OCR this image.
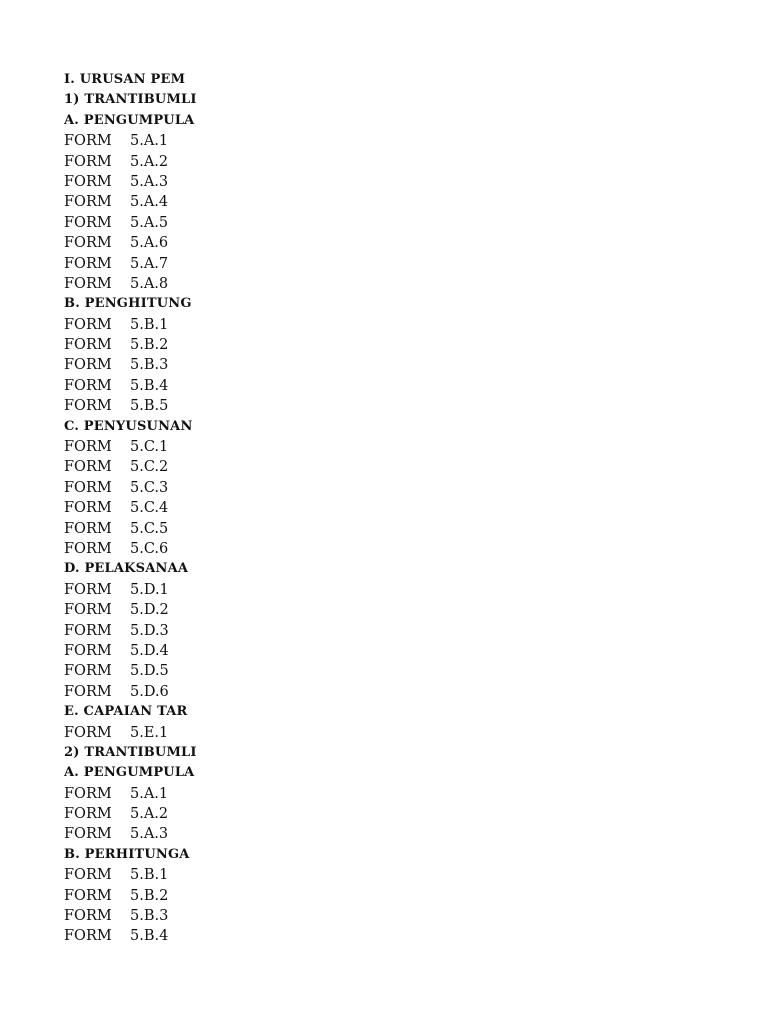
I. URUSAN PEM
1) TRANTIBUMLI
A. PENGUMPULA
FORM 5.A.1
FORM 5.A.2
FORM 5.A.3
FORM 5.A.4
FORM 5.A.5
FORM 5.A.6
FORM 5.A.7
FORM 5.A.8
B. PENGHITUNG
FORM 5.B.1
FORM 5.B.2
FORM 5.B.3
FORM 5.B.4
FORM 5.B.5
C. PENYUSUNAN
FORM 5.C.1
FORM 5.C.2
FORM 5.C.3
FORM 5.C.4
FORM 5.C.5
FORM 5.C.6
D. PELAKSANAA
FORM 5.D.1
FORM 5.D.2
FORM 5.D.3
FORM 5.D.4
FORM 5.D.5
FORM 5.D.6
E. CAPAIAN TAR
FORM 5.E.1
2) TRANTIBUMLI
A. PENGUMPULA
FORM 5.A.1
FORM 5.A.2
FORM 5.A.3
B. PERHITUNGA
FORM 5.B.1
FORM 5.B.2
FORM 5.B.3
FORM 5.B.4
